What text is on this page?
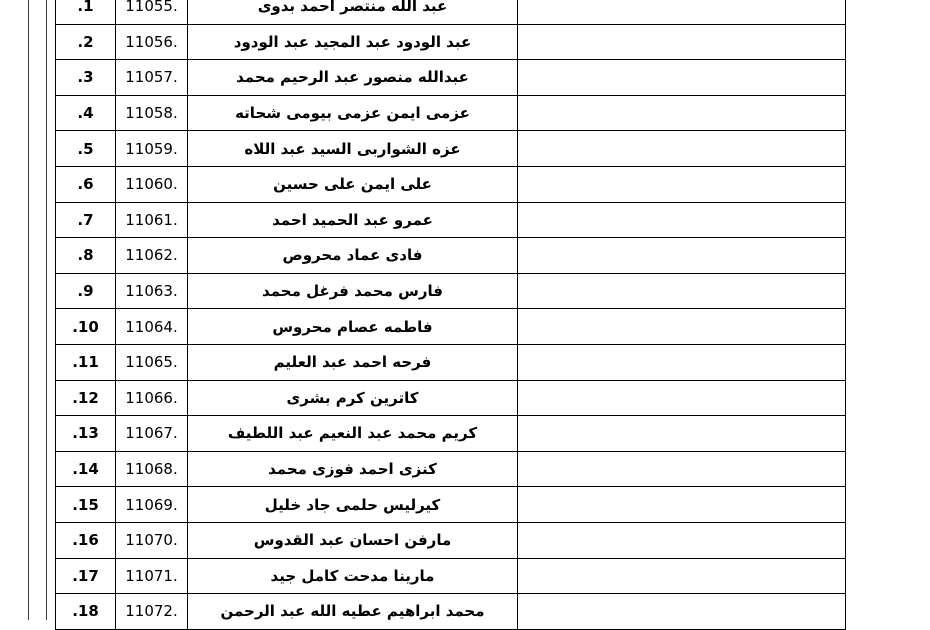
	عبد الله منتصر احمد بدوى	11055.	.1
	عبد الودود عبد المجيد عبد الودود	11056.	.2
	عبدالله منصور عبد الرحيم محمد	11057.	.3
	عزمى ايمن عزمى بيومى شحاته	11058.	.4
	عزه الشواربى السيد عبد اللاه	11059.	.5
	على ايمن على حسين	11060.	.6
	عمرو عبد الحميد احمد	11061.	.7
	فادى عماد محروص	11062.	.8
	فارس محمد فرغل محمد	11063.	.9
	فاطمه عصام محروس	11064.	.10
	فرحه احمد عبد العليم	11065.	.11
	كاترين كرم بشرى	11066.	.12
	كريم محمد عبد النعيم عبد اللطيف	11067.	.13
	كنزى احمد فوزى محمد	11068.	.14
	كيرليس حلمى جاد خليل	11069.	.15
	مارفن احسان عبد القدوس	11070.	.16
	مارينا مدحت كامل جيد	11071.	.17
	محمد ابراهيم عطيه الله عبد الرحمن	11072.	.18
